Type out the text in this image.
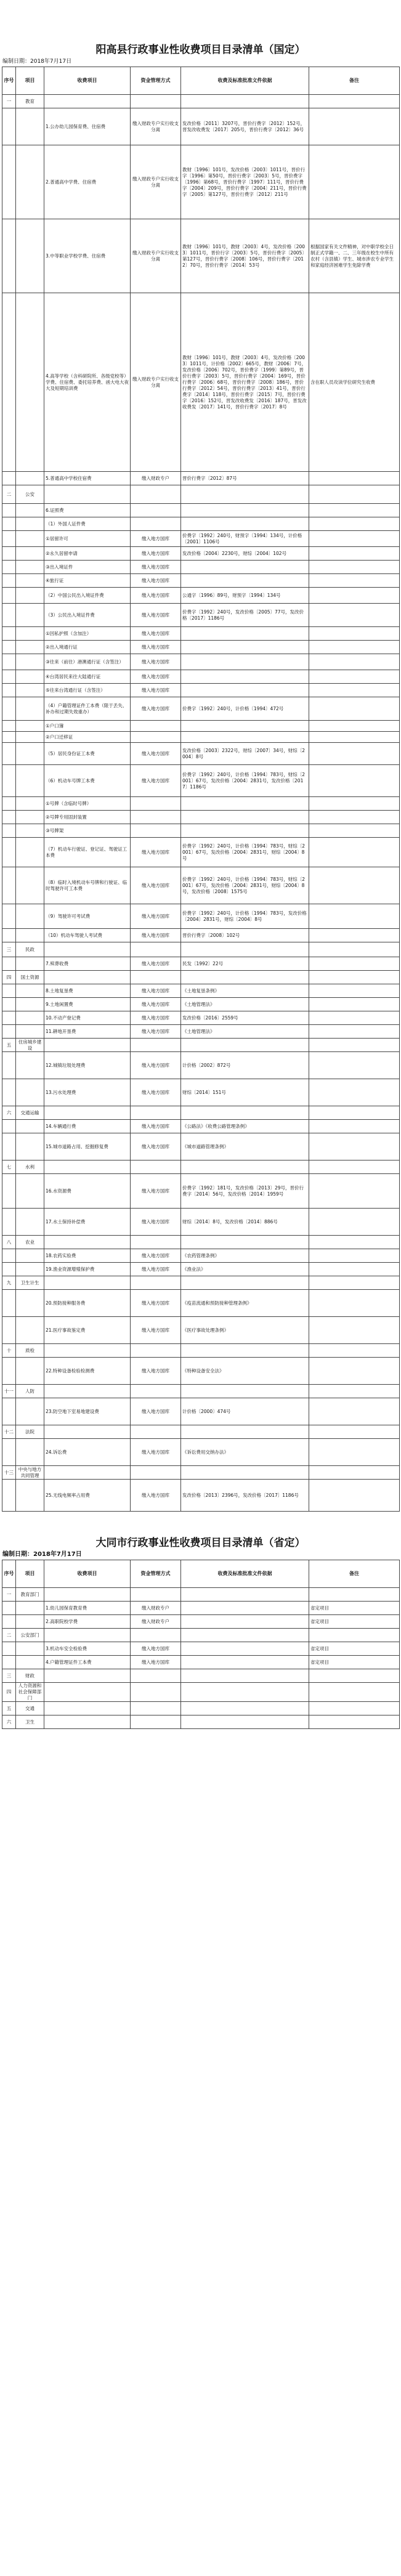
阳高县行政事业性收费项目目录清单（国定）
编制日期：2018年7月17日
序号	项目	收费项目	资金管理方式	收费及标准批准文件依据	备注
一	教育				
		1.公办幼儿园保育费、住宿费	缴入财政专户实行收支分离	发改价格〔2011〕3207号，晋价行费字〔2012〕152号，晋发改收费发〔2017〕205号，晋价行费字〔2012〕36号	
		2.普通高中学费、住宿费	缴入财政专户实行收支分离	教财〔1996〕101号，发改价格〔2003〕1011号，晋价行字〔1996〕第50号，晋价行费字〔2003〕5号，晋价费字〔1996〕第68号，晋价行费字〔1997〕111号，晋价行费字〔2004〕209号，晋价行费字〔2004〕211号，晋价行费字〔2005〕第127号，晋价行费字〔2012〕211号	
		3.中等职业学校学费、住宿费	缴入财政专户实行收支分离	教财〔1996〕101号，教财〔2003〕4号，发改价格〔2003〕1011号，晋价行字〔2003〕5号，晋价行费字〔2005〕第127号，晋价行费字〔2008〕106号，晋价行费字〔2012〕70号，晋价行费字〔2014〕53号	根据国家有关文件精神，对中职学校全日制正式学籍一、二、三年级在校生中所有农村（含县镇）学生、城市涉农专业学生和家庭经济困难学生免除学费
		4.高等学校（含科研院所、各级党校等）学费、住宿费、委托培养费、函大电大夜大及短期培训费	缴入财政专户实行收支分离	教财〔1996〕101号，教财〔2003〕4号，发改价格〔2003〕1011号，计价格〔2002〕665号，教财〔2006〕7号，发改价格〔2006〕702号，晋价费字〔1999〕第89号，晋价行费字〔2003〕5号，晋价行费字〔2004〕169号，晋价行费字〔2006〕68号，晋价行费字〔2008〕186号，晋价行费字〔2012〕54号，晋价行费字〔2013〕41号，晋价行费字〔2014〕118号，晋价行费字〔2015〕7号，晋价行费字〔2016〕152号，晋发改收费发〔2016〕187号，晋发改收费发〔2017〕141号，晋价行费字〔2017〕8号	含在职人员攻读学位研究生收费
		5.普通高中学校住宿费	缴入财政专户	晋价行费字〔2012〕87号	
二	公安				
		6.证照费			
		（1）外国人证件费			
		①居留许可	缴入地方国库	价费字〔1992〕240号，财预字〔1994〕134号，计价格〔2001〕1106号	
		②永久居留申请	缴入地方国库	发改价格〔2004〕2230号，财综〔2004〕102号	
		③出入境证件	缴入地方国库		
		④旅行证	缴入地方国库		
		（2）中国公民出入境证件费	缴入地方国库	公通字〔1996〕89号，财预字〔1994〕134号	
		（3）公民出入境证件费	缴入地方国库	价费字〔1992〕240号，发改价格〔2005〕77号，发改价格〔2017〕1186号	
		①因私护照（含加注）	缴入地方国库		
		②出入境通行证	缴入地方国库		
		③往来（前往）港澳通行证（含签注）	缴入地方国库		
		④台湾居民来往大陆通行证	缴入地方国库		
		⑤往来台湾通行证（含签注）	缴入地方国库		
		（4）户籍管理证件工本费（限于丢失、补办和过期失效重办）	缴入地方国库	价费字〔1992〕240号，计价格〔1994〕472号	
		①户口簿			
		②户口迁移证			
		（5）居民身份证工本费	缴入地方国库	发改价格〔2003〕2322号，财综〔2007〕34号，财综〔2004〕8号	
		（6）机动车号牌工本费	缴入地方国库	价费字〔1992〕240号，计价格〔1994〕783号，财综〔2001〕67号，发改价格〔2004〕2831号，发改价格〔2017〕1186号	
		①号牌（含临时号牌）			
		②号牌专用固封装置			
		③号牌架			
		（7）机动车行驶证、登记证、驾驶证工本费	缴入地方国库	价费字〔1992〕240号，计价格〔1994〕783号，财综〔2001〕67号，发改价格〔2004〕2831号，财综〔2004〕8号	
		（8）临时入境机动车号牌和行驶证、临时驾驶许可工本费	缴入地方国库	价费字〔1992〕240号，计价格〔1994〕783号，财综〔2001〕67号，发改价格〔2004〕2831号，财综〔2004〕8号，发改价格〔2008〕1575号	
		（9）驾驶许可考试费	缴入地方国库	价费字〔1992〕240号，计价格〔1994〕783号，发改价格〔2004〕2831号，财综〔2004〕8号	
		（10）机动车驾驶人考试费	缴入地方国库	晋价行费字〔2008〕102号	
三	民政				
		7.殡葬收费	缴入地方国库	民发〔1992〕22号	
四	国土资源				
		8.土地复垦费	缴入地方国库	《土地复垦条例》	
		9.土地闲置费	缴入地方国库	《土地管理法》	
		10.不动产登记费	缴入地方国库	发改价格〔2016〕2559号	
		11.耕地开垦费	缴入地方国库	《土地管理法》	
五	住房城乡建设				
		12.城镇垃圾处理费	缴入地方国库	计价格〔2002〕872号	
		13.污水处理费	缴入地方国库	财综〔2014〕151号	
六	交通运输				
		14.车辆通行费	缴入地方国库	《公路法》《收费公路管理条例》	
		15.城市道路占用、挖掘修复费	缴入地方国库	《城市道路管理条例》	
七	水利				
		16.水资源费	缴入地方国库	价费字〔1992〕181号，发改价格〔2013〕29号，晋价行费字〔2014〕56号，发改价格〔2014〕1959号	
		17.水土保持补偿费	缴入地方国库	财综〔2014〕8号，发改价格〔2014〕886号	
八	农业				
		18.农药实验费	缴入地方国库	《农药管理条例》	
		19.渔业资源增殖保护费	缴入地方国库	《渔业法》	
九	卫生计生				
		20.预防接种服务费	缴入地方国库	《疫苗流通和预防接种管理条例》	
		21.医疗事故鉴定费	缴入地方国库	《医疗事故处理条例》	
十	质检				
		22.特种设备检验检测费	缴入地方国库	《特种设备安全法》	
十一	人防				
		23.防空地下室易地建设费	缴入地方国库	计价格〔2000〕474号	
十二	法院				
		24.诉讼费	缴入地方国库	《诉讼费用交纳办法》	
十三	中央与地方共同管理				
		25.无线电频率占用费	缴入地方国库	发改价格〔2013〕2396号，发改价格〔2017〕1186号	
大同市行政事业性收费项目目录清单（省定）
编制日期：2018年7月17日
序号	项目	收费项目	资金管理方式	收费及标准批准文件依据	备注
一	教育部门				
		1.幼儿园保育教育费	缴入财政专户		省定项目
		2.高职院校学费	缴入财政专户		省定项目
二	公安部门				
		3.机动车安全检验费	缴入地方国库		省定项目
		4.户籍管理证件工本费	缴入地方国库		省定项目
三	财政				
四	人力资源和社会保障部门				
五	交通				
六	卫生				
